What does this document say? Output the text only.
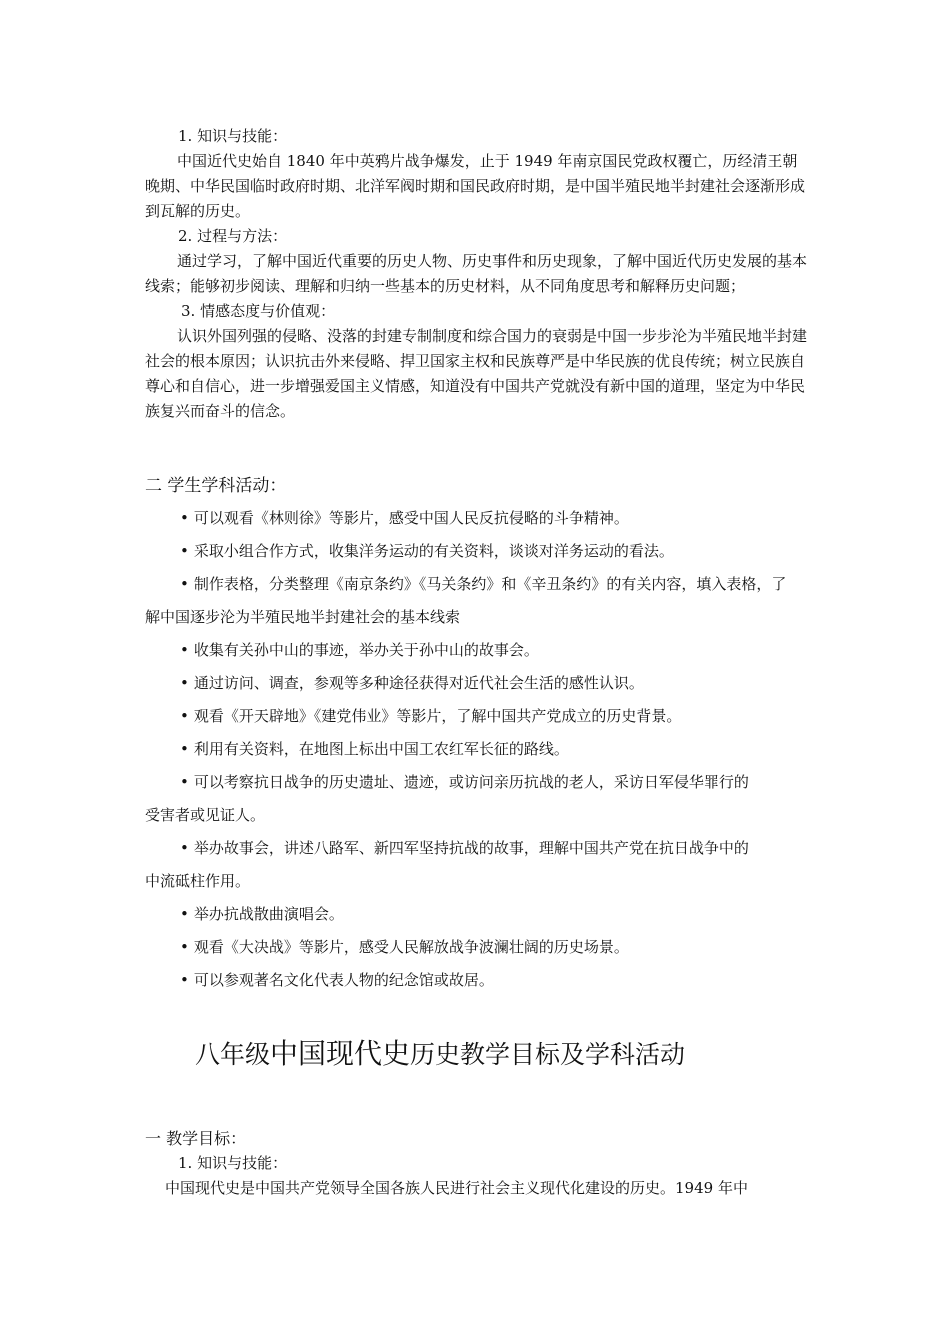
1. 知识与技能：

中国近代史始自 1840 年中英鸦片战争爆发，止于 1949 年南京国民党政权覆亡，历经清王朝晚期、中华民国临时政府时期、北洋军阀时期和国民政府时期，是中国半殖民地半封建社会逐渐形成到瓦解的历史。

2. 过程与方法：

通过学习，了解中国近代重要的历史人物、历史事件和历史现象，了解中国近代历史发展的基本线索；能够初步阅读、理解和归纳一些基本的历史材料，从不同角度思考和解释历史问题；

3. 情感态度与价值观：

认识外国列强的侵略、没落的封建专制制度和综合国力的衰弱是中国一步步沦为半殖民地半封建社会的根本原因；认识抗击外来侵略、捍卫国家主权和民族尊严是中华民族的优良传统；树立民族自尊心和自信心，进一步增强爱国主义情感，知道没有中国共产党就没有新中国的道理，坚定为中华民族复兴而奋斗的信念。

二 学生学科活动：

• 可以观看《林则徐》等影片，感受中国人民反抗侵略的斗争精神。

• 采取小组合作方式，收集洋务运动的有关资料，谈谈对洋务运动的看法。

• 制作表格，分类整理《南京条约》《马关条约》和《辛丑条约》的有关内容，填入表格，了

解中国逐步沦为半殖民地半封建社会的基本线索

• 收集有关孙中山的事迹，举办关于孙中山的故事会。

• 通过访问、调查，参观等多种途径获得对近代社会生活的感性认识。

• 观看《开天辟地》《建党伟业》等影片，了解中国共产党成立的历史背景。

• 利用有关资料，在地图上标出中国工农红军长征的路线。

• 可以考察抗日战争的历史遗址、遗迹，或访问亲历抗战的老人，采访日军侵华罪行的

受害者或见证人。

• 举办故事会，讲述八路军、新四军坚持抗战的故事，理解中国共产党在抗日战争中的

中流砥柱作用。

• 举办抗战散曲演唱会。

• 观看《大决战》等影片，感受人民解放战争波澜壮阔的历史场景。

• 可以参观著名文化代表人物的纪念馆或故居。

八年级中国现代史历史教学目标及学科活动

一 教学目标：

1. 知识与技能：

中国现代史是中国共产党领导全国各族人民进行社会主义现代化建设的历史。1949 年中
